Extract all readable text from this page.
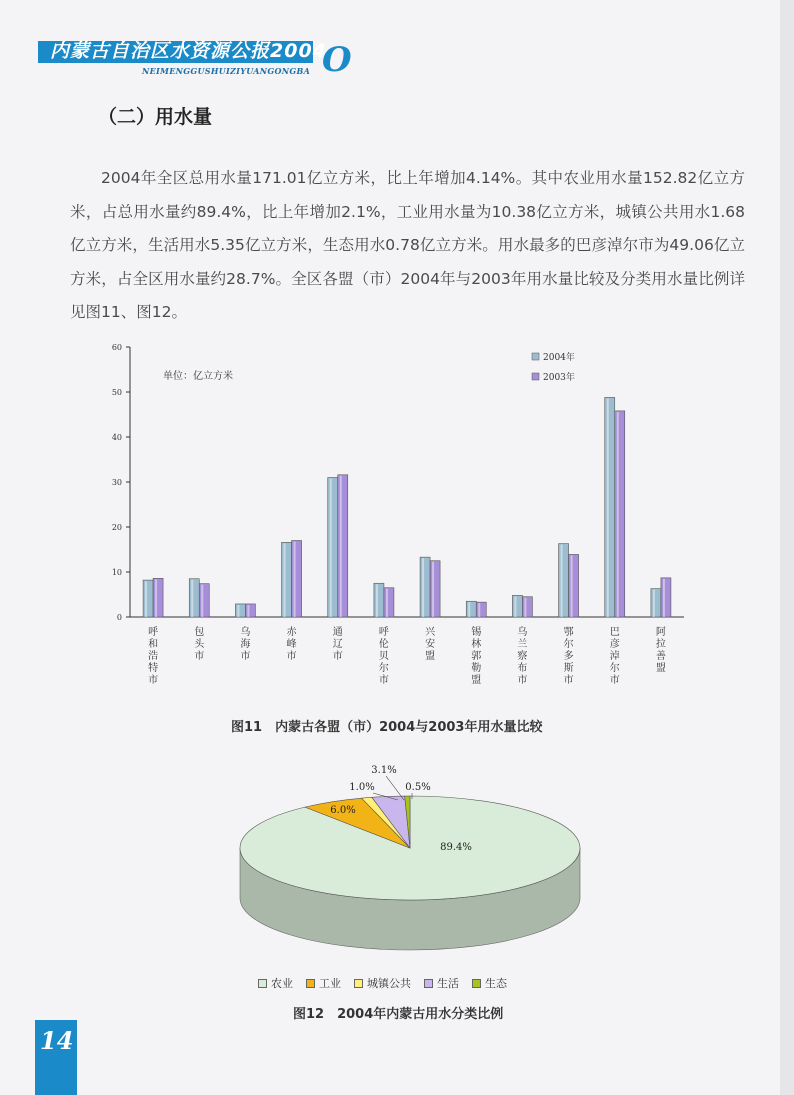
内蒙古自治区水资源公报2004
NEIMENGGUSHUIZIYUANGONGBA O
（二）用水量

2004年全区总用水量171.01亿立方米，比上年增加4.14%。其中农业用水量152.82亿立方米，占总用水量约89.4%，比上年增加2.1%，工业用水量为10.38亿立方米，城镇公共用水1.68亿立方米，生活用水5.35亿立方米，生态用水0.78亿立方米。用水最多的巴彦淖尔市为49.06亿立方米，占全区用水量约28.7%。全区各盟（市）2004年与2003年用水量比较及分类用水量比例详见图11、图12。

0
10
20
30
40
50
60
单位：亿立方米
呼和浩特市
包头市
乌海市
赤峰市
通辽市
呼伦贝尔市
兴安盟
锡林郭勒盟
乌兰察布市
鄂尔多斯市
巴彦淖尔市
阿拉善盟
2004年
2003年
图11　内蒙古各盟（市）2004与2003年用水量比较
89.4%
6.0%
1.0%
3.1%
0.5%
农业 工业 城镇公共 生活 生态
图12　2004年内蒙古用水分类比例
14
